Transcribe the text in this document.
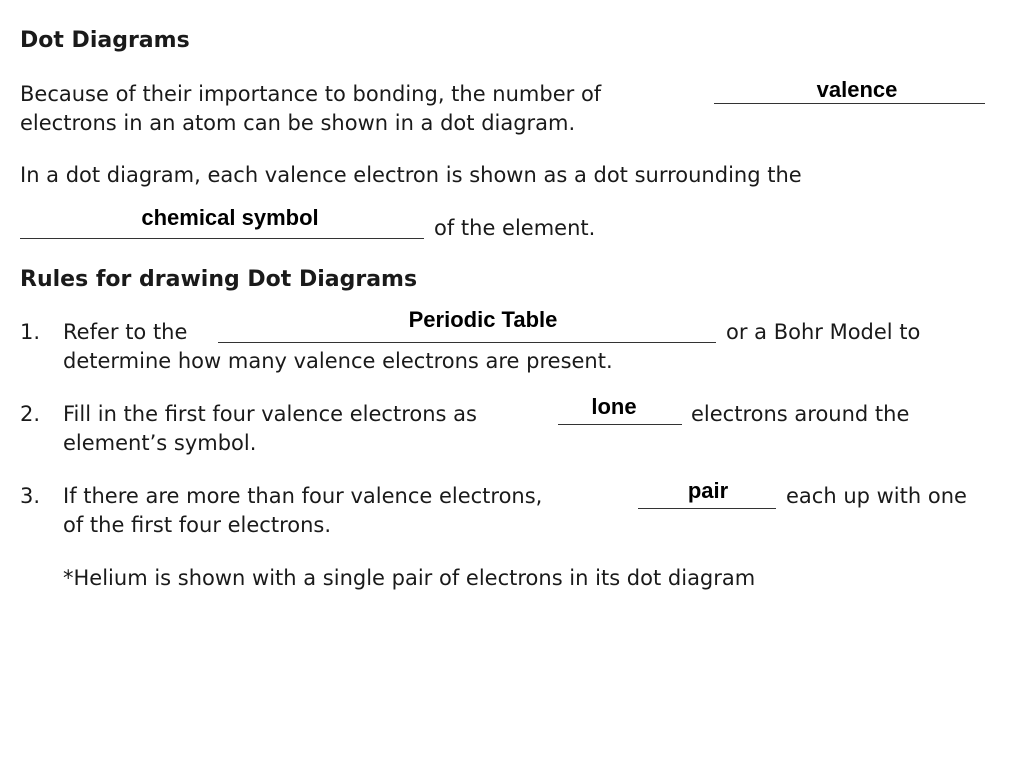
Dot Diagrams
Because of their importance to bonding, the number of	valence
electrons in an atom can be shown in a dot diagram.
In a dot diagram, each valence electron is shown as a dot surrounding the
chemical symbol	of the element.
Rules for drawing Dot Diagrams
1. Refer to the	Periodic Table	or a Bohr Model to
determine how many valence electrons are present.
2. Fill in the first four valence electrons as	lone	electrons around the
element’s symbol.
3. If there are more than four valence electrons,	pair	each up with one
of the first four electrons.
*Helium is shown with a single pair of electrons in its dot diagram
